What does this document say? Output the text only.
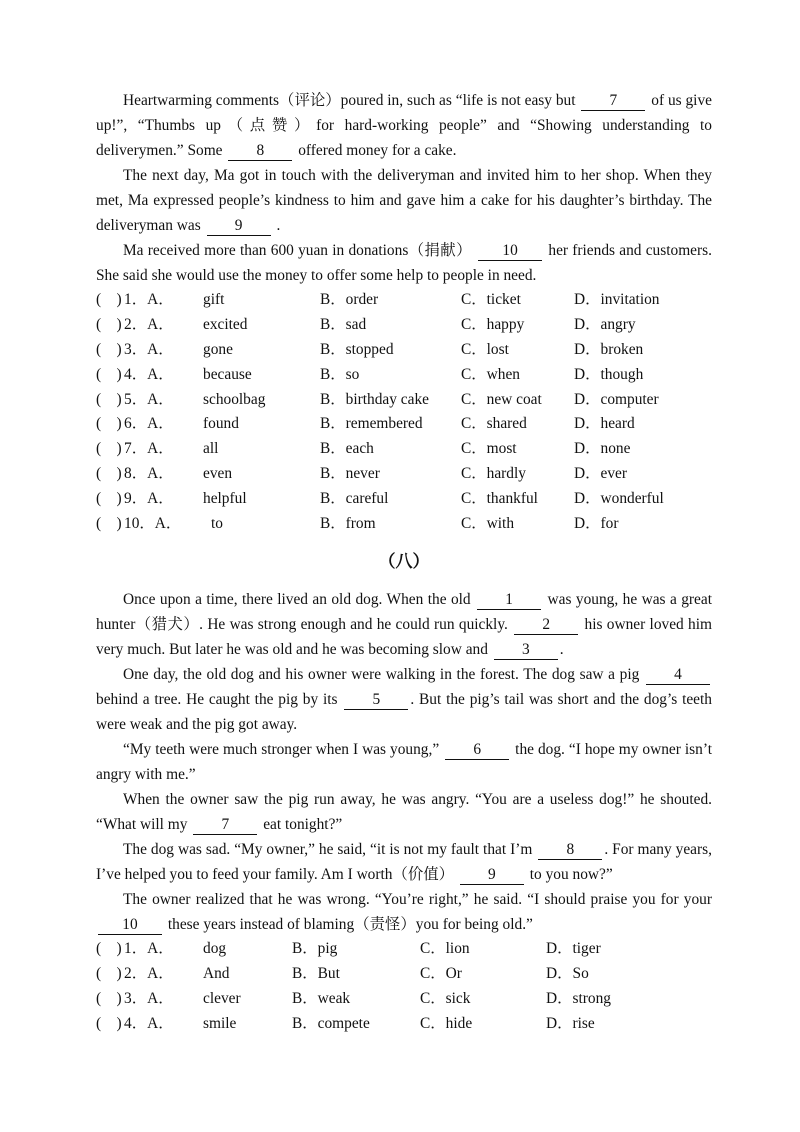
Heartwarming comments（评论）poured in, such as “life is not easy but 7 of us give up!”, “Thumbs up（点赞）for hard-working people” and “Showing understanding to deliverymen.” Some 8 offered money for a cake.

The next day, Ma got in touch with the deliveryman and invited him to her shop. When they met, Ma expressed people’s kindness to him and gave him a cake for his daughter’s birthday. The deliveryman was 9 .

Ma received more than 600 yuan in donations（捐献） 10 her friends and customers. She said she would use the money to offer some help to people in need.

(    ) 1．A． gift	B．order	C．ticket	D．invitation
(    ) 2．A． excited	B．sad	C．happy	D．angry
(    ) 3．A． gone	B．stopped	C．lost	D．broken
(    ) 4．A． because	B．so	C．when	D．though
(    ) 5．A． schoolbag	B．birthday cake C．new coat D．computer
(    ) 6．A． found	B．remembered C．shared	D．heard
(    ) 7．A． all	B．each	C．most	D．none
(    ) 8．A． even	B．never	C．hardly	D．ever
(    ) 9．A． helpful	B．careful	C．thankful D．wonderful
(    ) 10．A． to	B．from	C．with	D．for
（八）

Once upon a time, there lived an old dog. When the old 1 was young, he was a great hunter（猎犬）. He was strong enough and he could run quickly. 2 his owner loved him very much. But later he was old and he was becoming slow and 3 .

One day, the old dog and his owner were walking in the forest. The dog saw a pig 4 behind a tree. He caught the pig by its 5 . But the pig’s tail was short and the dog’s teeth were weak and the pig got away.

“My teeth were much stronger when I was young,” 6 the dog. “I hope my owner isn’t angry with me.”

When the owner saw the pig run away, he was angry. “You are a useless dog!” he shouted. “What will my 7 eat tonight?”

The dog was sad. “My owner,” he said, “it is not my fault that I’m 8 . For many years, I’ve helped you to feed your family. Am I worth（价值） 9 to you now?”

The owner realized that he was wrong. “You’re right,” he said. “I should praise you for your 10 these years instead of blaming（责怪）you for being old.”

(    ) 1．A． dog	B．pig	C．lion	D．tiger
(    ) 2．A． And	B．But	C．Or	D．So
(    ) 3．A． clever	B．weak	C．sick	D．strong
(    ) 4．A． smile	B．compete	C．hide	D．rise
